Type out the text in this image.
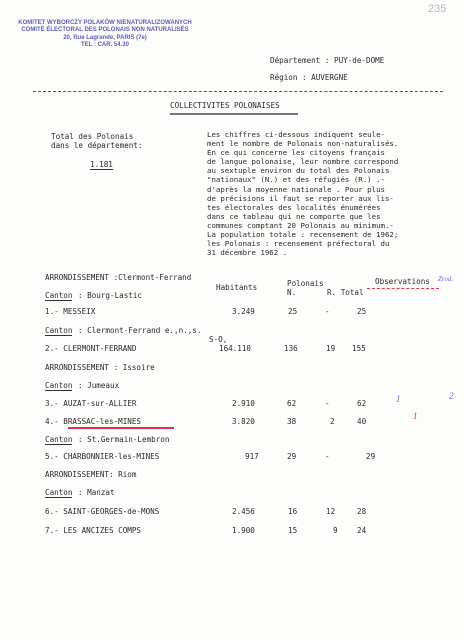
235
KOMITET WYBORCZY POLAKÓW NIENATURALIZOWANYCH
COMITÉ ÉLECTORAL DES POLONAIS NON NATURALISÉS
20, Rue Lagrande, PARIS (7e)
TEL : CAR. 54.30
Département : PUY-de-DOME
Région : AUVERGNE
COLLECTIVITES POLONAISES
Total des Polonais
dans le département:
1.181
Les chiffres ci-dessous indiquent seule-
ment le nombre de Polonais non-naturalisés.
En ce qui concerne les citoyens français
de langue polonaise, leur nombre correspond
au sextuple environ du total des Polonais
"nationaux" (N.) et des réfugiés (R.) .-
d'après la moyenne nationale . Pour plus
de précisions il faut se reporter aux lis-
tes électorales des localités énumérées
dans ce tableau qui ne comporte que les
communes comptant 20 Polonais au minimum.-
La population totale : recensement de 1962;
les Polonais : recensement préfectoral du
31 décembre 1962 .
Habitants	Polonais
N.	R. Total
Observations Zrod.
ARRONDISSEMENT :Clermont-Ferrand
Canton : Bourg-Lastic
1.- MESSEIX	3.249	25	-	25
Canton : Clermont-Ferrand e.,n.,s.
S-O,
2.- CLERMONT-FERRAND	164.110	136	19 155
ARRONDISSEMENT : Issoire
Canton : Jumeaux
3.- AUZAT-sur-ALLIER	2.910	62	-	62	1	2
4.- BRASSAC-les-MINES	3.820	38	2	40
1
Canton : St.Germain-Lembron
5.- CHARBONNIER-les-MINES	917	29	-	29
ARRONDISSEMENT: Riom
Canton : Manzat
6.- SAINT-GEORGES-de-MONS	2.456	16	12	28
7.- LES ANCIZES COMPS	1.900	15	9	24
